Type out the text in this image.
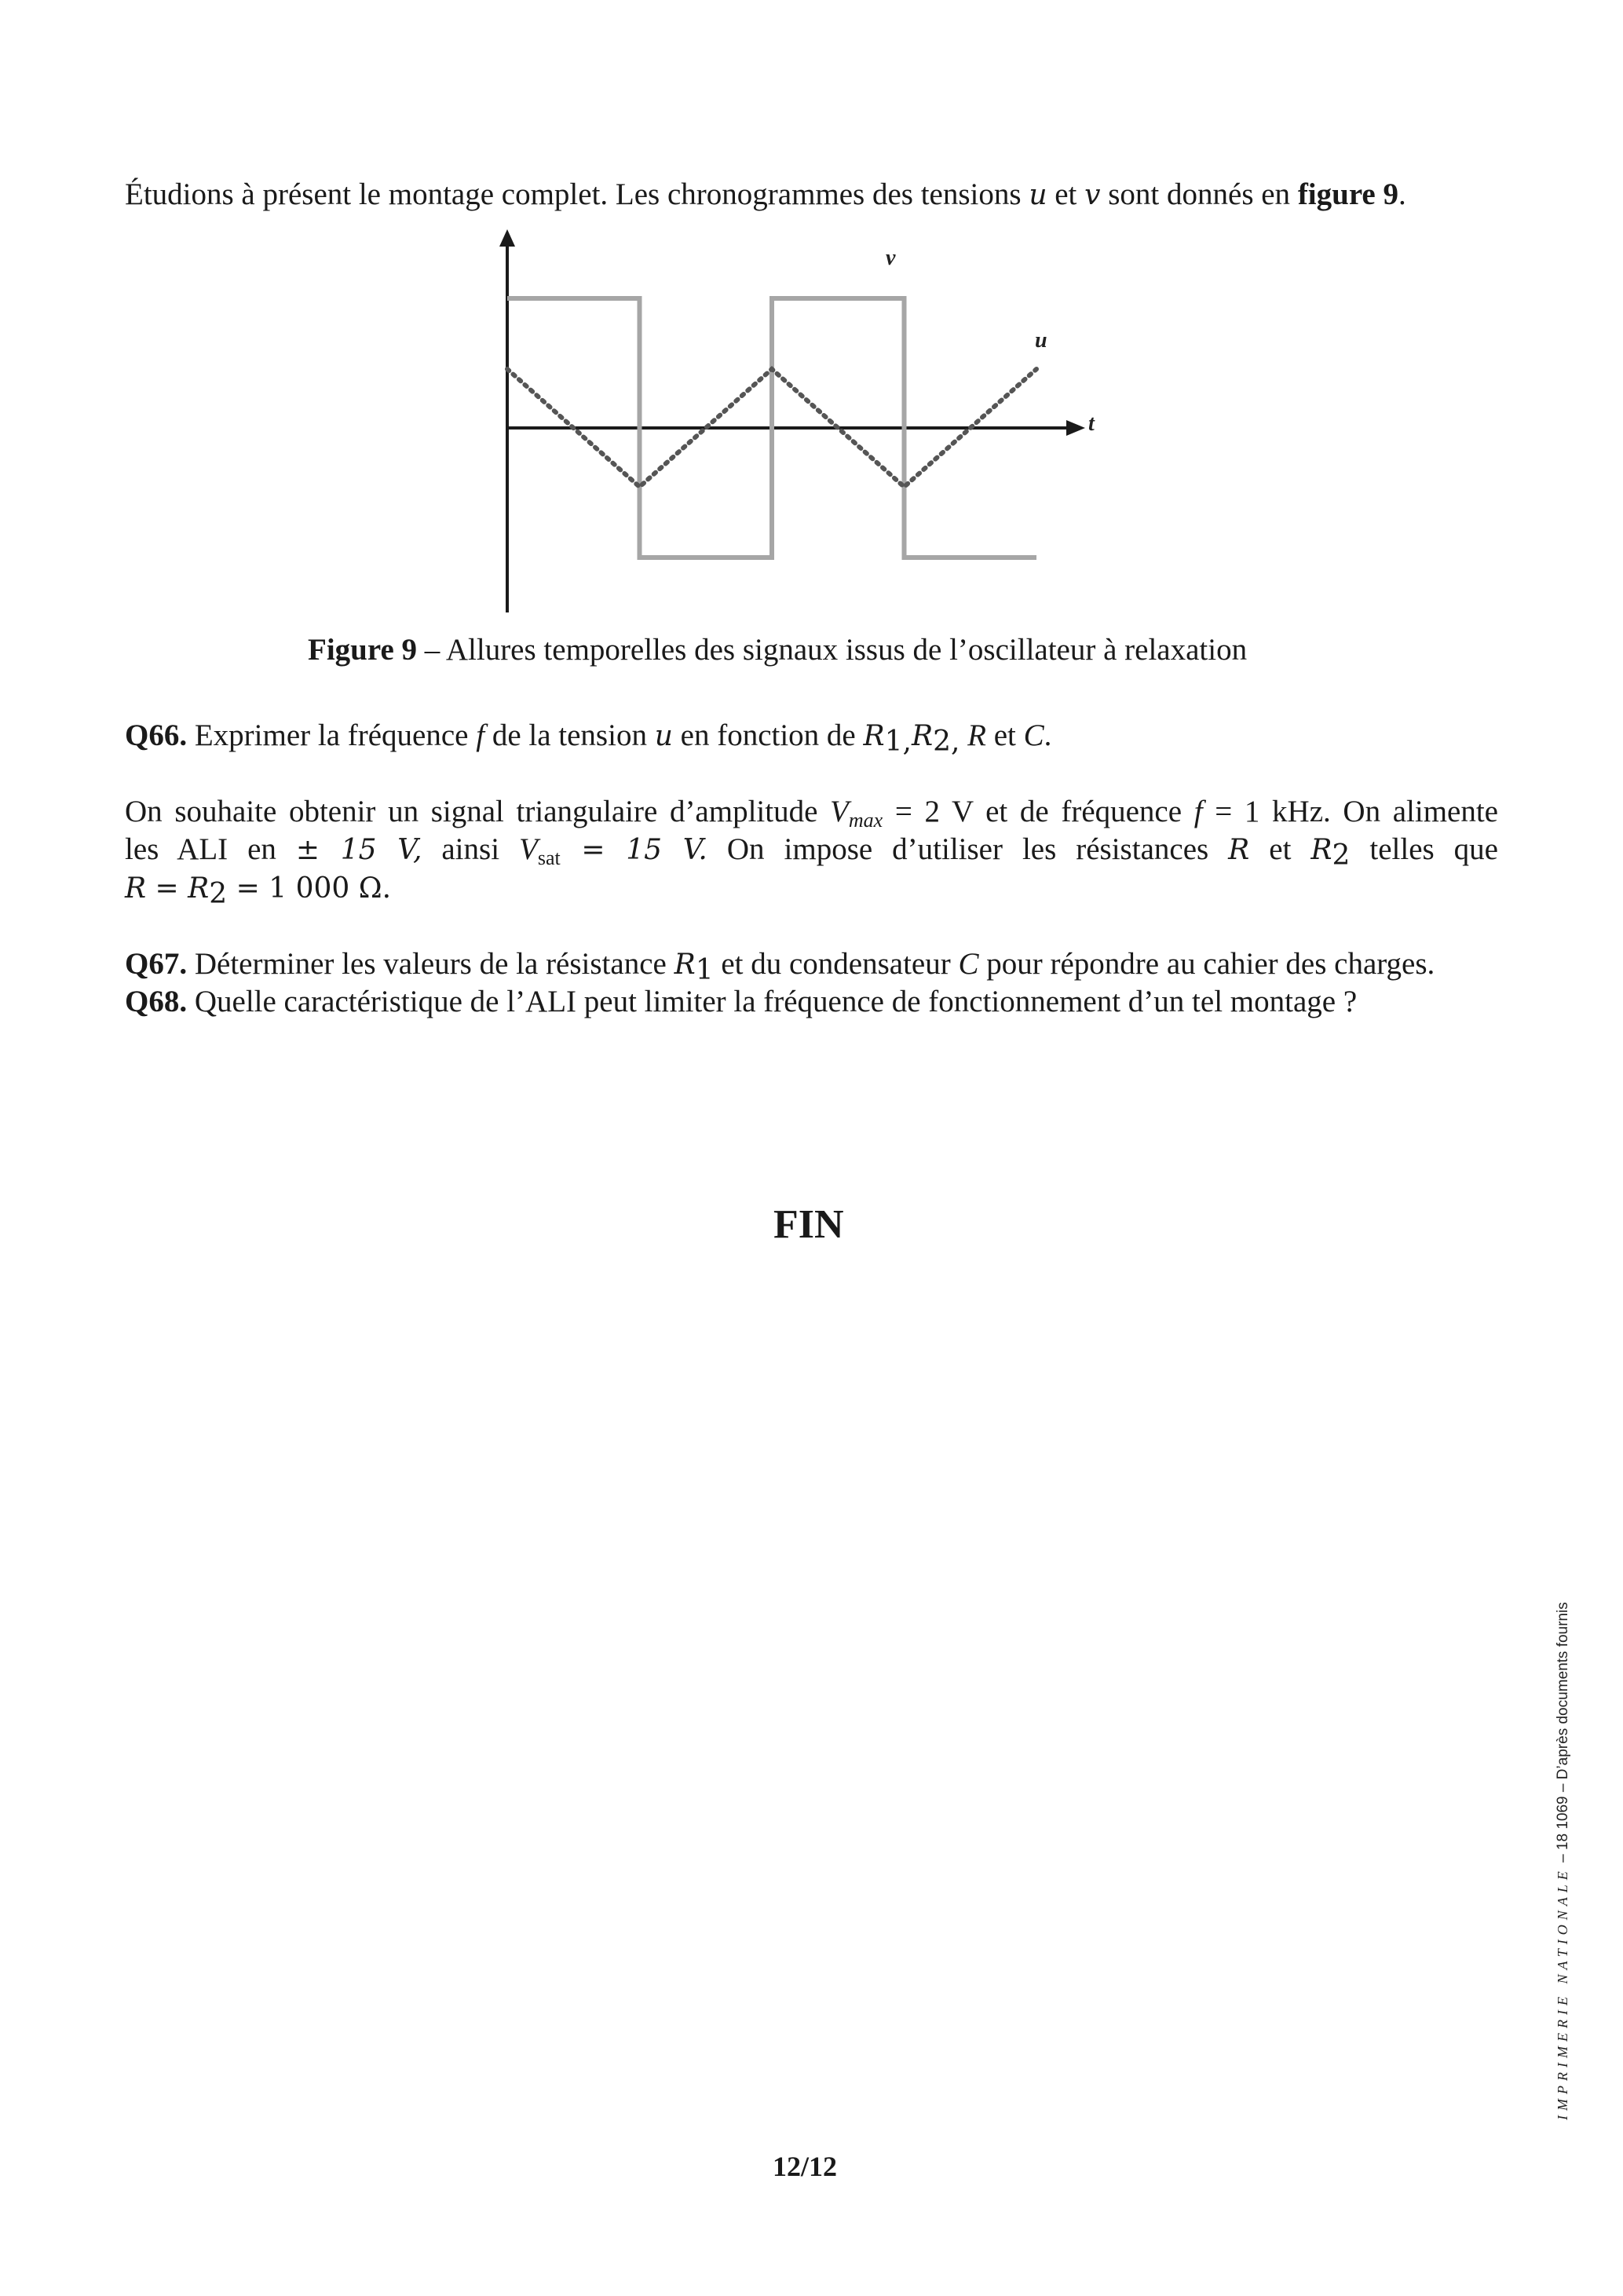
Étudions à présent le montage complet. Les chronogrammes des tensions u et v sont donnés en figure 9.
v
u
t
Figure 9 – Allures temporelles des signaux issus de l’oscillateur à relaxation
Q66. Exprimer la fréquence f de la tension u en fonction de $R_{1,}R_{2,}$ R et C.
On souhaite obtenir un signal triangulaire d’amplitude $V_{max} = 2$ V et de fréquence f = 1 kHz. On alimente
les ALI en ± 15 V, ainsi $V_{sat} = 15$ V. On impose d’utiliser les résistances R et $R_2$ telles que
$R = R_2 = 1$ 000 Ω.
Q67. Déterminer les valeurs de la résistance $R_1$ et du condensateur C pour répondre au cahier des charges.
Q68. Quelle caractéristique de l’ALI peut limiter la fréquence de fonctionnement d’un tel montage ?
FIN
12/12
IMPRIMERIE NATIONALE – 18 1069 – D’après documents fournis
